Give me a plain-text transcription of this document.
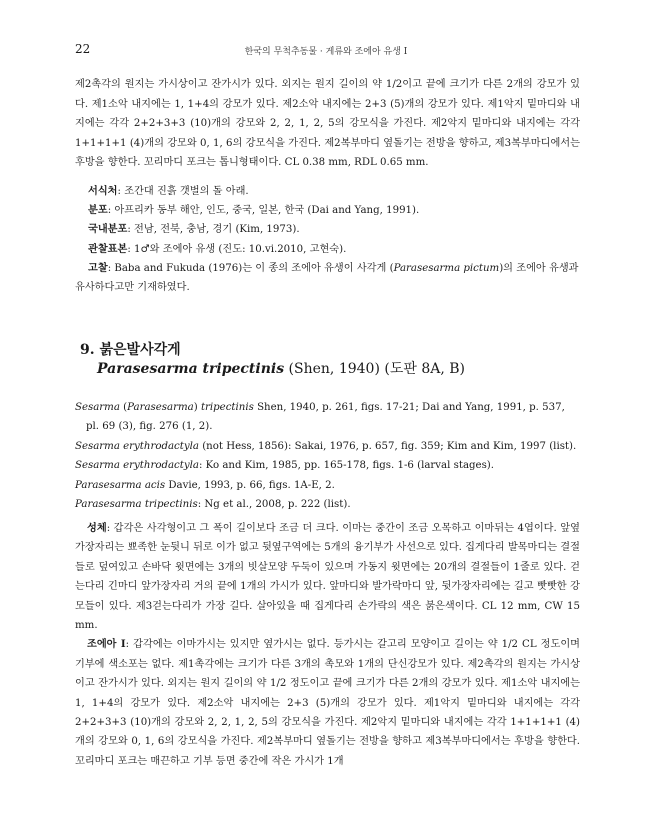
22	한국의 무척추동물 · 게류와 조에아 유생 I

제2촉각의 원지는 가시상이고 잔가시가 있다. 외지는 원지 길이의 약 1/2이고 끝에 크기가 다른 2개의 강모가 있다. 제1소악 내지에는 1, 1+4의 강모가 있다. 제2소악 내지에는 2+3 (5)개의 강모가 있다. 제1악지 밑마디와 내지에는 각각 2+2+3+3 (10)개의 강모와 2, 2, 1, 2, 5의 강모식을 가진다. 제2악지 밑마디와 내지에는 각각 1+1+1+1 (4)개의 강모와 0, 1, 6의 강모식을 가진다. 제2복부마디 옆돌기는 전방을 향하고, 제3복부마디에서는 후방을 향한다. 꼬리마디 포크는 톱니형태이다. CL 0.38 mm, RDL 0.65 mm.

서식처: 조간대 진흙 갯벌의 돌 아래.
분포: 아프리카 동부 해안, 인도, 중국, 일본, 한국 (Dai and Yang, 1991).
국내분포: 전남, 전북, 충남, 경기 (Kim, 1973).
관찰표본: 1♂와 조에아 유생 (진도: 10.vi.2010, 고현숙).
고찰: Baba and Fukuda (1976)는 이 종의 조에아 유생이 사각게 (Parasesarma pictum)의 조에아 유생과
유사하다고만 기재하였다.
9. 붉은발사각게
Parasesarma tripectinis (Shen, 1940) (도판 8A, B)
Sesarma (Parasesarma) tripectinis Shen, 1940, p. 261, figs. 17-21; Dai and Yang, 1991, p. 537, pl. 69 (3), fig. 276 (1, 2).
Sesarma erythrodactyla (not Hess, 1856): Sakai, 1976, p. 657, fig. 359; Kim and Kim, 1997 (list).
Sesarma erythrodactyla: Ko and Kim, 1985, pp. 165-178, figs. 1-6 (larval stages).
Parasesarma acis Davie, 1993, p. 66, figs. 1A-E, 2.
Parasesarma tripectinis: Ng et al., 2008, p. 222 (list).

성체: 갑각은 사각형이고 그 폭이 길이보다 조금 더 크다. 이마는 중간이 조금 오목하고 이마뒤는 4엽이다. 앞옆가장자리는 뾰족한 눈뒷니 뒤로 이가 없고 뒷옆구역에는 5개의 융기부가 사선으로 있다. 집게다리 발목마디는 결절들로 덮여있고 손바닥 윗면에는 3개의 빗살모양 두둑이 있으며 가동지 윗면에는 20개의 결절들이 1줄로 있다. 걷는다리 긴마디 앞가장자리 거의 끝에 1개의 가시가 있다. 앞마디와 발가락마디 앞, 뒷가장자리에는 길고 빳빳한 강모들이 있다. 제3걷는다리가 가장 길다. 살아있을 때 집게다리 손가락의 색은 붉은색이다. CL 12 mm, CW 15 mm.

조에아 I: 갑각에는 이마가시는 있지만 옆가시는 없다. 등가시는 갈고리 모양이고 길이는 약 1/2 CL 정도이며 기부에 색소포는 없다. 제1촉각에는 크기가 다른 3개의 촉모와 1개의 단신강모가 있다. 제2촉각의 원지는 가시상이고 잔가시가 있다. 외지는 원지 길이의 약 1/2 정도이고 끝에 크기가 다른 2개의 강모가 있다. 제1소악 내지에는 1, 1+4의 강모가 있다. 제2소악 내지에는 2+3 (5)개의 강모가 있다. 제1악지 밑마디와 내지에는 각각 2+2+3+3 (10)개의 강모와 2, 2, 1, 2, 5의 강모식을 가진다. 제2악지 밑마디와 내지에는 각각 1+1+1+1 (4)개의 강모와 0, 1, 6의 강모식을 가진다. 제2복부마디 옆돌기는 전방을 향하고 제3복부마디에서는 후방을 향한다. 꼬리마디 포크는 매끈하고 기부 등면 중간에 작은 가시가 1개
